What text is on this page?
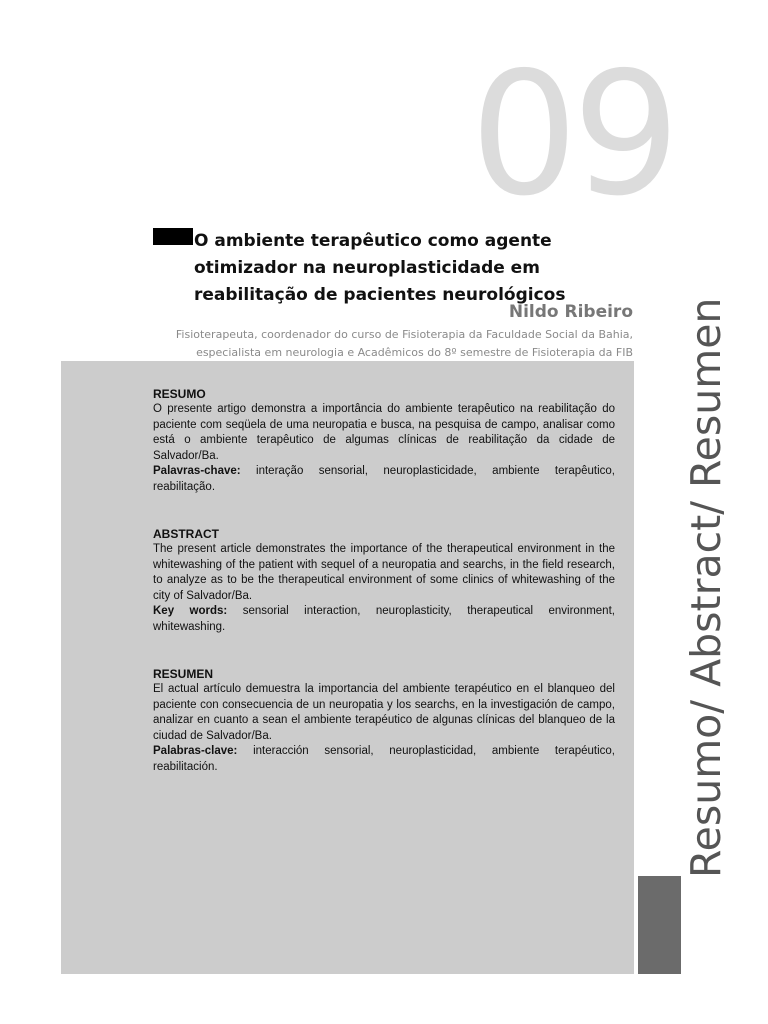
09
O ambiente terapêutico como agente otimizador na neuroplasticidade em reabilitação de pacientes neurológicos
Nildo Ribeiro
Fisioterapeuta, coordenador do curso de Fisioterapia da Faculdade Social da Bahia,
especialista em neurologia e Acadêmicos do 8º semestre de Fisioterapia da FIB
RESUMO

O presente artigo demonstra a importância do ambiente terapêutico na reabilitação do paciente com seqüela de uma neuropatia e busca, na pesquisa de campo, analisar como está o ambiente terapêutico de algumas clínicas de reabilitação da cidade de Salvador/Ba.

Palavras-chave: interação sensorial, neuroplasticidade, ambiente terapêutico, reabilitação.

ABSTRACT

The present article demonstrates the importance of the therapeutical environment in the whitewashing of the patient with sequel of a neuropatia and searchs, in the field research, to analyze as to be the therapeutical environment of some clinics of whitewashing of the city of Salvador/Ba.

Key words: sensorial interaction, neuroplasticity, therapeutical environment, whitewashing.

RESUMEN

El actual artículo demuestra la importancia del ambiente terapéutico en el blanqueo del paciente con consecuencia de un neuropatia y los searchs, en la investigación de campo, analizar en cuanto a sean el ambiente terapéutico de algunas clínicas del blanqueo de la ciudad de Salvador/Ba.

Palabras-clave: interacción sensorial, neuroplasticidad, ambiente terapéutico, reabilitación.	Resumo/ Abstract/ Resumen
